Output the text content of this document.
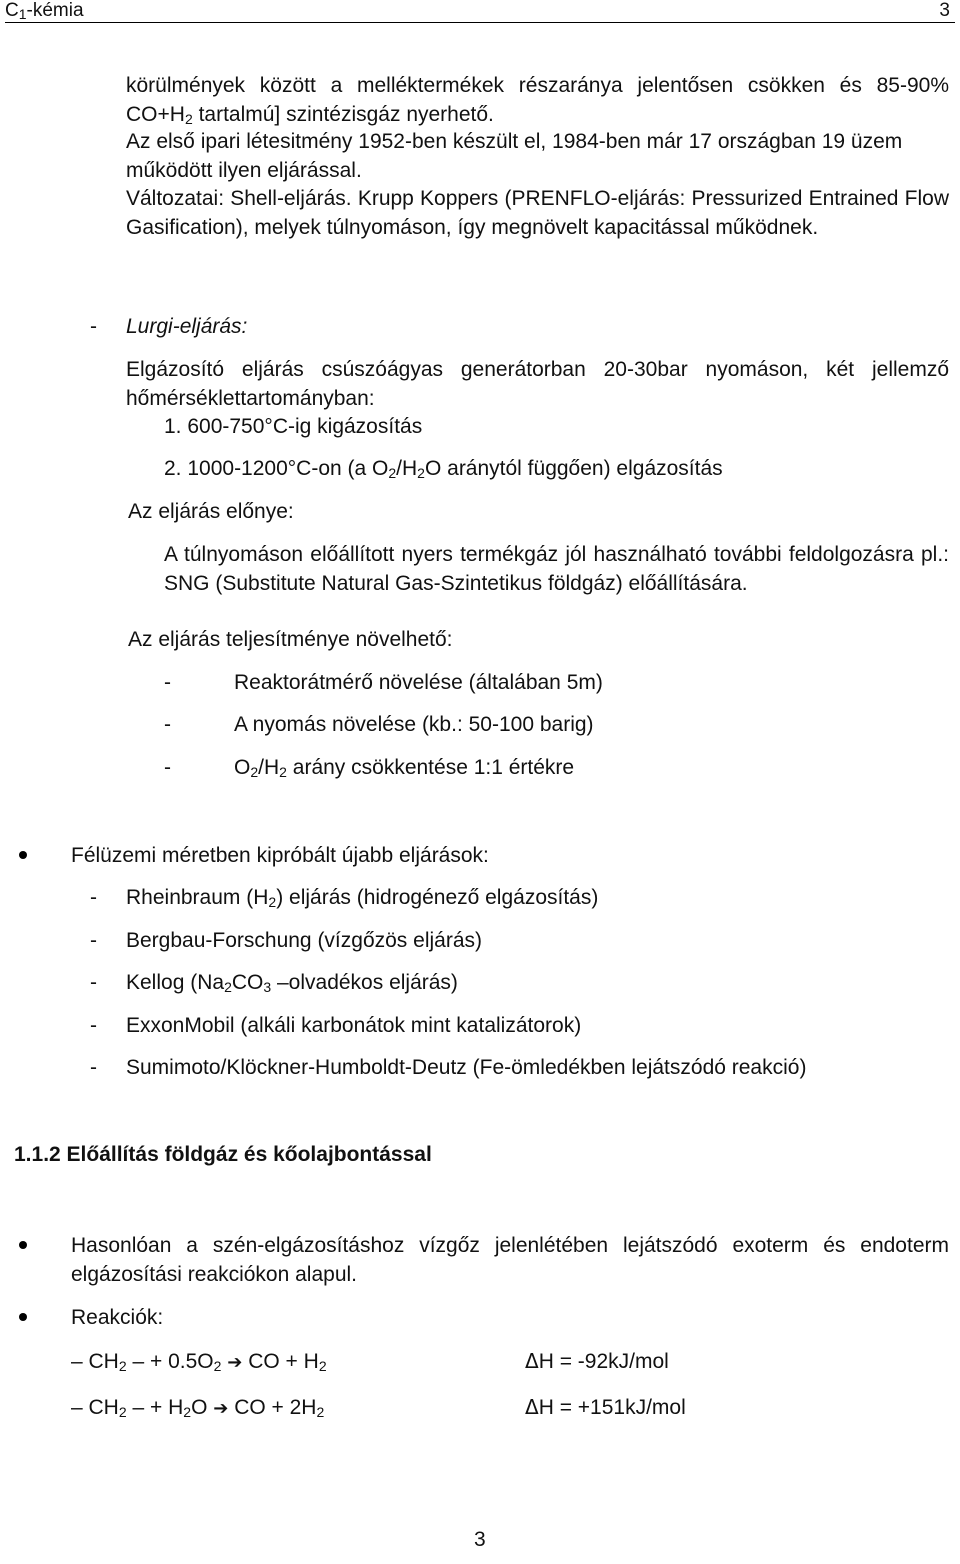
$C_1$-kémia	3
körülmények között a melléktermékek részaránya jelentősen csökken és 85-90% $CO+H_2$ tartalmú] szintézisgáz nyerhető.
Az első ipari létesitmény 1952-ben készült el, 1984-ben már 17 országban 19 üzem működött ilyen eljárással.
Változatai: Shell-eljárás. Krupp Koppers (PRENFLO-eljárás: Pressurized Entrained Flow Gasification), melyek túlnyomáson, így megnövelt kapacitással működnek.
- Lurgi-eljárás:
Elgázosító eljárás csúszóágyas generátorban 20-30bar nyomáson, két jellemző hőmérséklettartományban:
1. 600-750°C-ig kigázosítás
2. 1000-1200°C-on (a $O_2/H_2O$ aránytól függően) elgázosítás
Az eljárás előnye:
A túlnyomáson előállított nyers termékgáz jól használható további feldolgozásra pl.: SNG (Substitute Natural Gas-Szintetikus földgáz) előállítására.
Az eljárás teljesítménye növelhető:
-	Reaktorátmérő növelése (általában 5m)
-	A nyomás növelése (kb.: 50-100 barig)
-	$O_2/H_2$ arány csökkentése 1:1 értékre
Félüzemi méretben kipróbált újabb eljárások:
- Rheinbraum $(H_2)$ eljárás (hidrogénező elgázosítás)
- Bergbau-Forschung (vízgőzös eljárás)
- Kellog ($Na_2CO_3$ –olvadékos eljárás)
- ExxonMobil (alkáli karbonátok mint katalizátorok)
- Sumimoto/Klöckner-Humboldt-Deutz (Fe-ömledékben lejátszódó reakció)
1.1.2 Előállítás földgáz és kőolajbontással
Hasonlóan a szén-elgázosításhoz vízgőz jelenlétében lejátszódó exoterm és endoterm elgázosítási reakciókon alapul.
Reakciók:
– $CH_2$ – + $0.5O_2$ ➔ CO + $H_2$	ΔH = -92kJ/mol
– $CH_2$ – + $H_2O$ ➔ CO + $2H_2$	ΔH = +151kJ/mol
3
